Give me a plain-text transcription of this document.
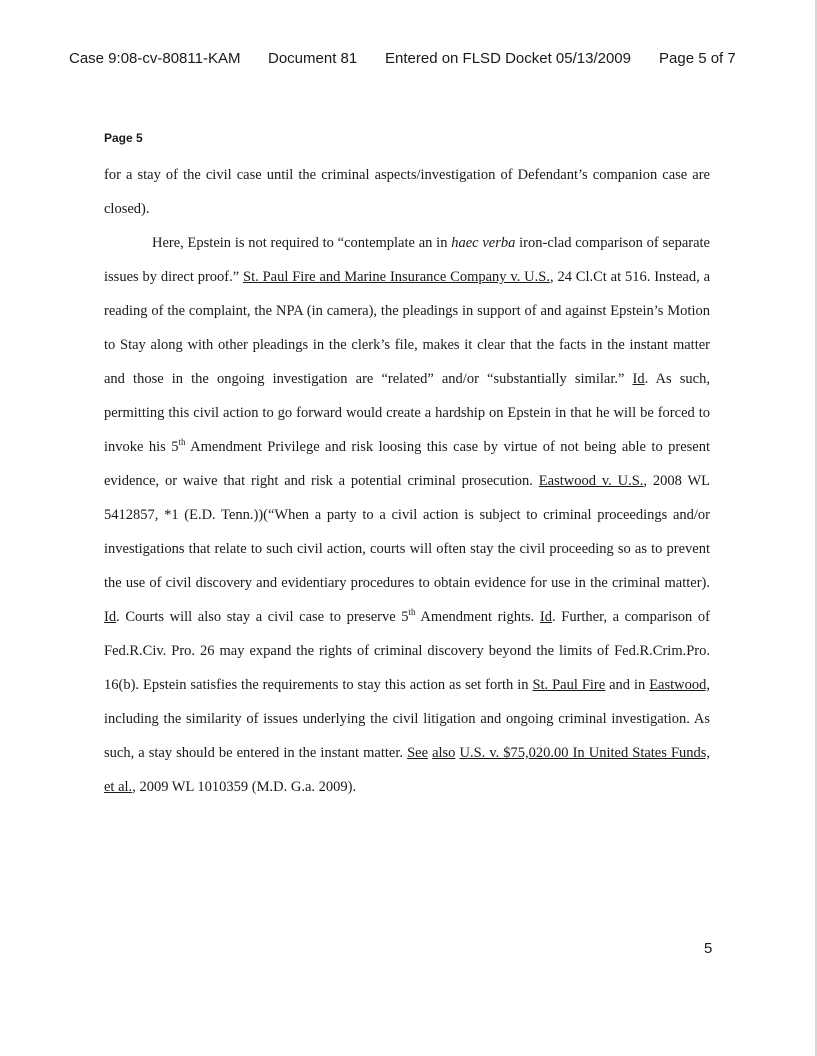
Case 9:08-cv-80811-KAM Document 81 Entered on FLSD Docket 05/13/2009 Page 5 of 7
Page 5

for a stay of the civil case until the criminal aspects/investigation of Defendant’s companion case are closed).

Here, Epstein is not required to “contemplate an in haec verba iron-clad comparison of separate issues by direct proof.” St. Paul Fire and Marine Insurance Company v. U.S., 24 Cl.Ct at 516. Instead, a reading of the complaint, the NPA (in camera), the pleadings in support of and against Epstein’s Motion to Stay along with other pleadings in the clerk’s file, makes it clear that the facts in the instant matter and those in the ongoing investigation are “related” and/or “substantially similar.” Id. As such, permitting this civil action to go forward would create a hardship on Epstein in that he will be forced to invoke his 5th Amendment Privilege and risk loosing this case by virtue of not being able to present evidence, or waive that right and risk a potential criminal prosecution. Eastwood v. U.S., 2008 WL 5412857, *1 (E.D. Tenn.))(“When a party to a civil action is subject to criminal proceedings and/or investigations that relate to such civil action, courts will often stay the civil proceeding so as to prevent the use of civil discovery and evidentiary procedures to obtain evidence for use in the criminal matter). Id. Courts will also stay a civil case to preserve 5th Amendment rights. Id. Further, a comparison of Fed.R.Civ. Pro. 26 may expand the rights of criminal discovery beyond the limits of Fed.R.Crim.Pro. 16(b). Epstein satisfies the requirements to stay this action as set forth in St. Paul Fire and in Eastwood, including the similarity of issues underlying the civil litigation and ongoing criminal investigation. As such, a stay should be entered in the instant matter. See also U.S. v. $75,020.00 In United States Funds, et al., 2009 WL 1010359 (M.D. G.a. 2009).

5
